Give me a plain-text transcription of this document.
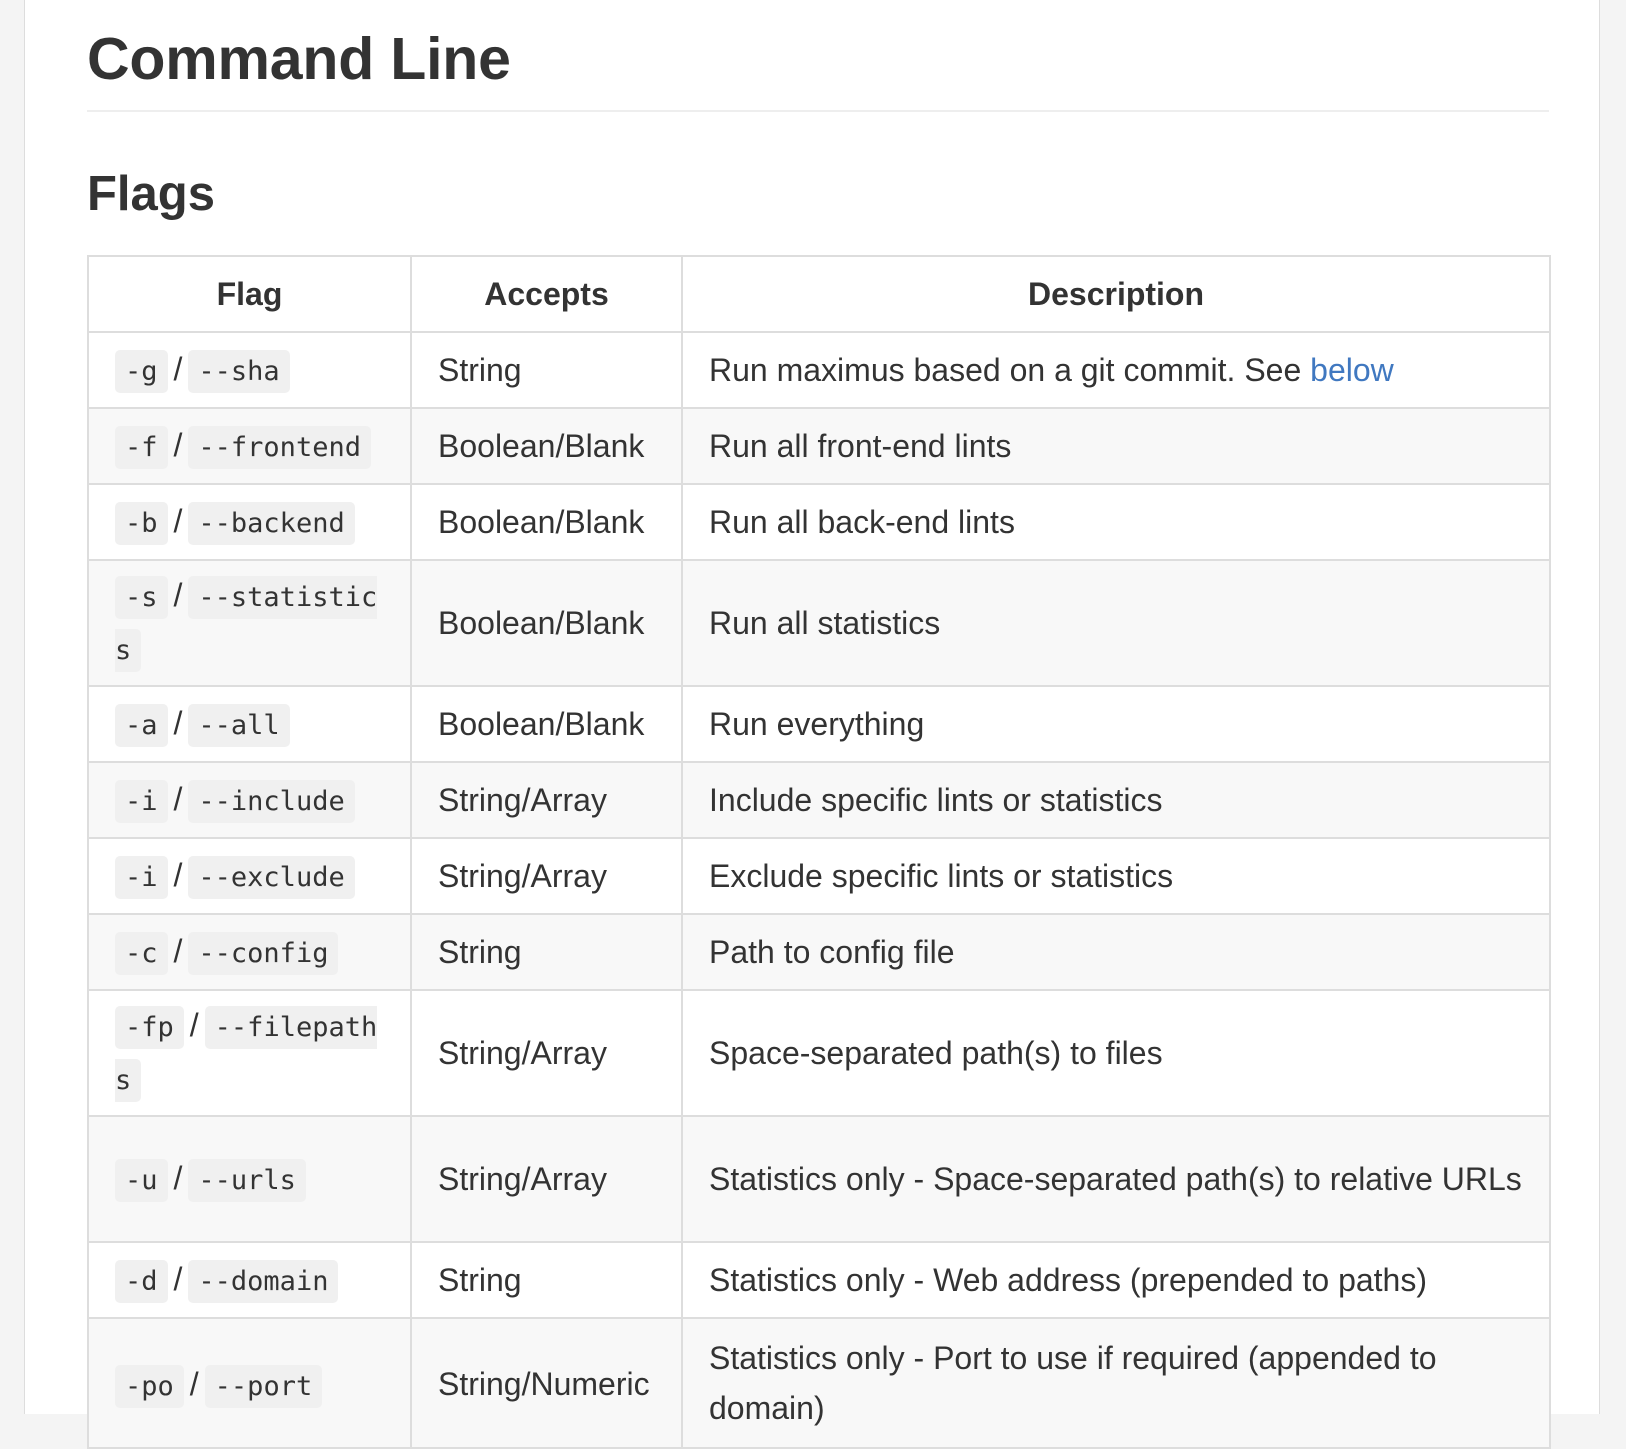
Command Line
Flags
Flag	Accepts	Description
-g / --sha	String	Run maximus based on a git commit. See below
-f / --frontend	Boolean/Blank	Run all front-end lints
-b / --backend	Boolean/Blank	Run all back-end lints
-s / --statistics	Boolean/Blank	Run all statistics
-a / --all	Boolean/Blank	Run everything
-i / --include	String/Array	Include specific lints or statistics
-i / --exclude	String/Array	Exclude specific lints or statistics
-c / --config	String	Path to config file
-fp / --filepaths	String/Array	Space-separated path(s) to files
-u / --urls	String/Array	Statistics only - Space-separated path(s) to relative URLs
-d / --domain	String	Statistics only - Web address (prepended to paths)
-po / --port	String/Numeric	Statistics only - Port to use if required (appended to domain)
